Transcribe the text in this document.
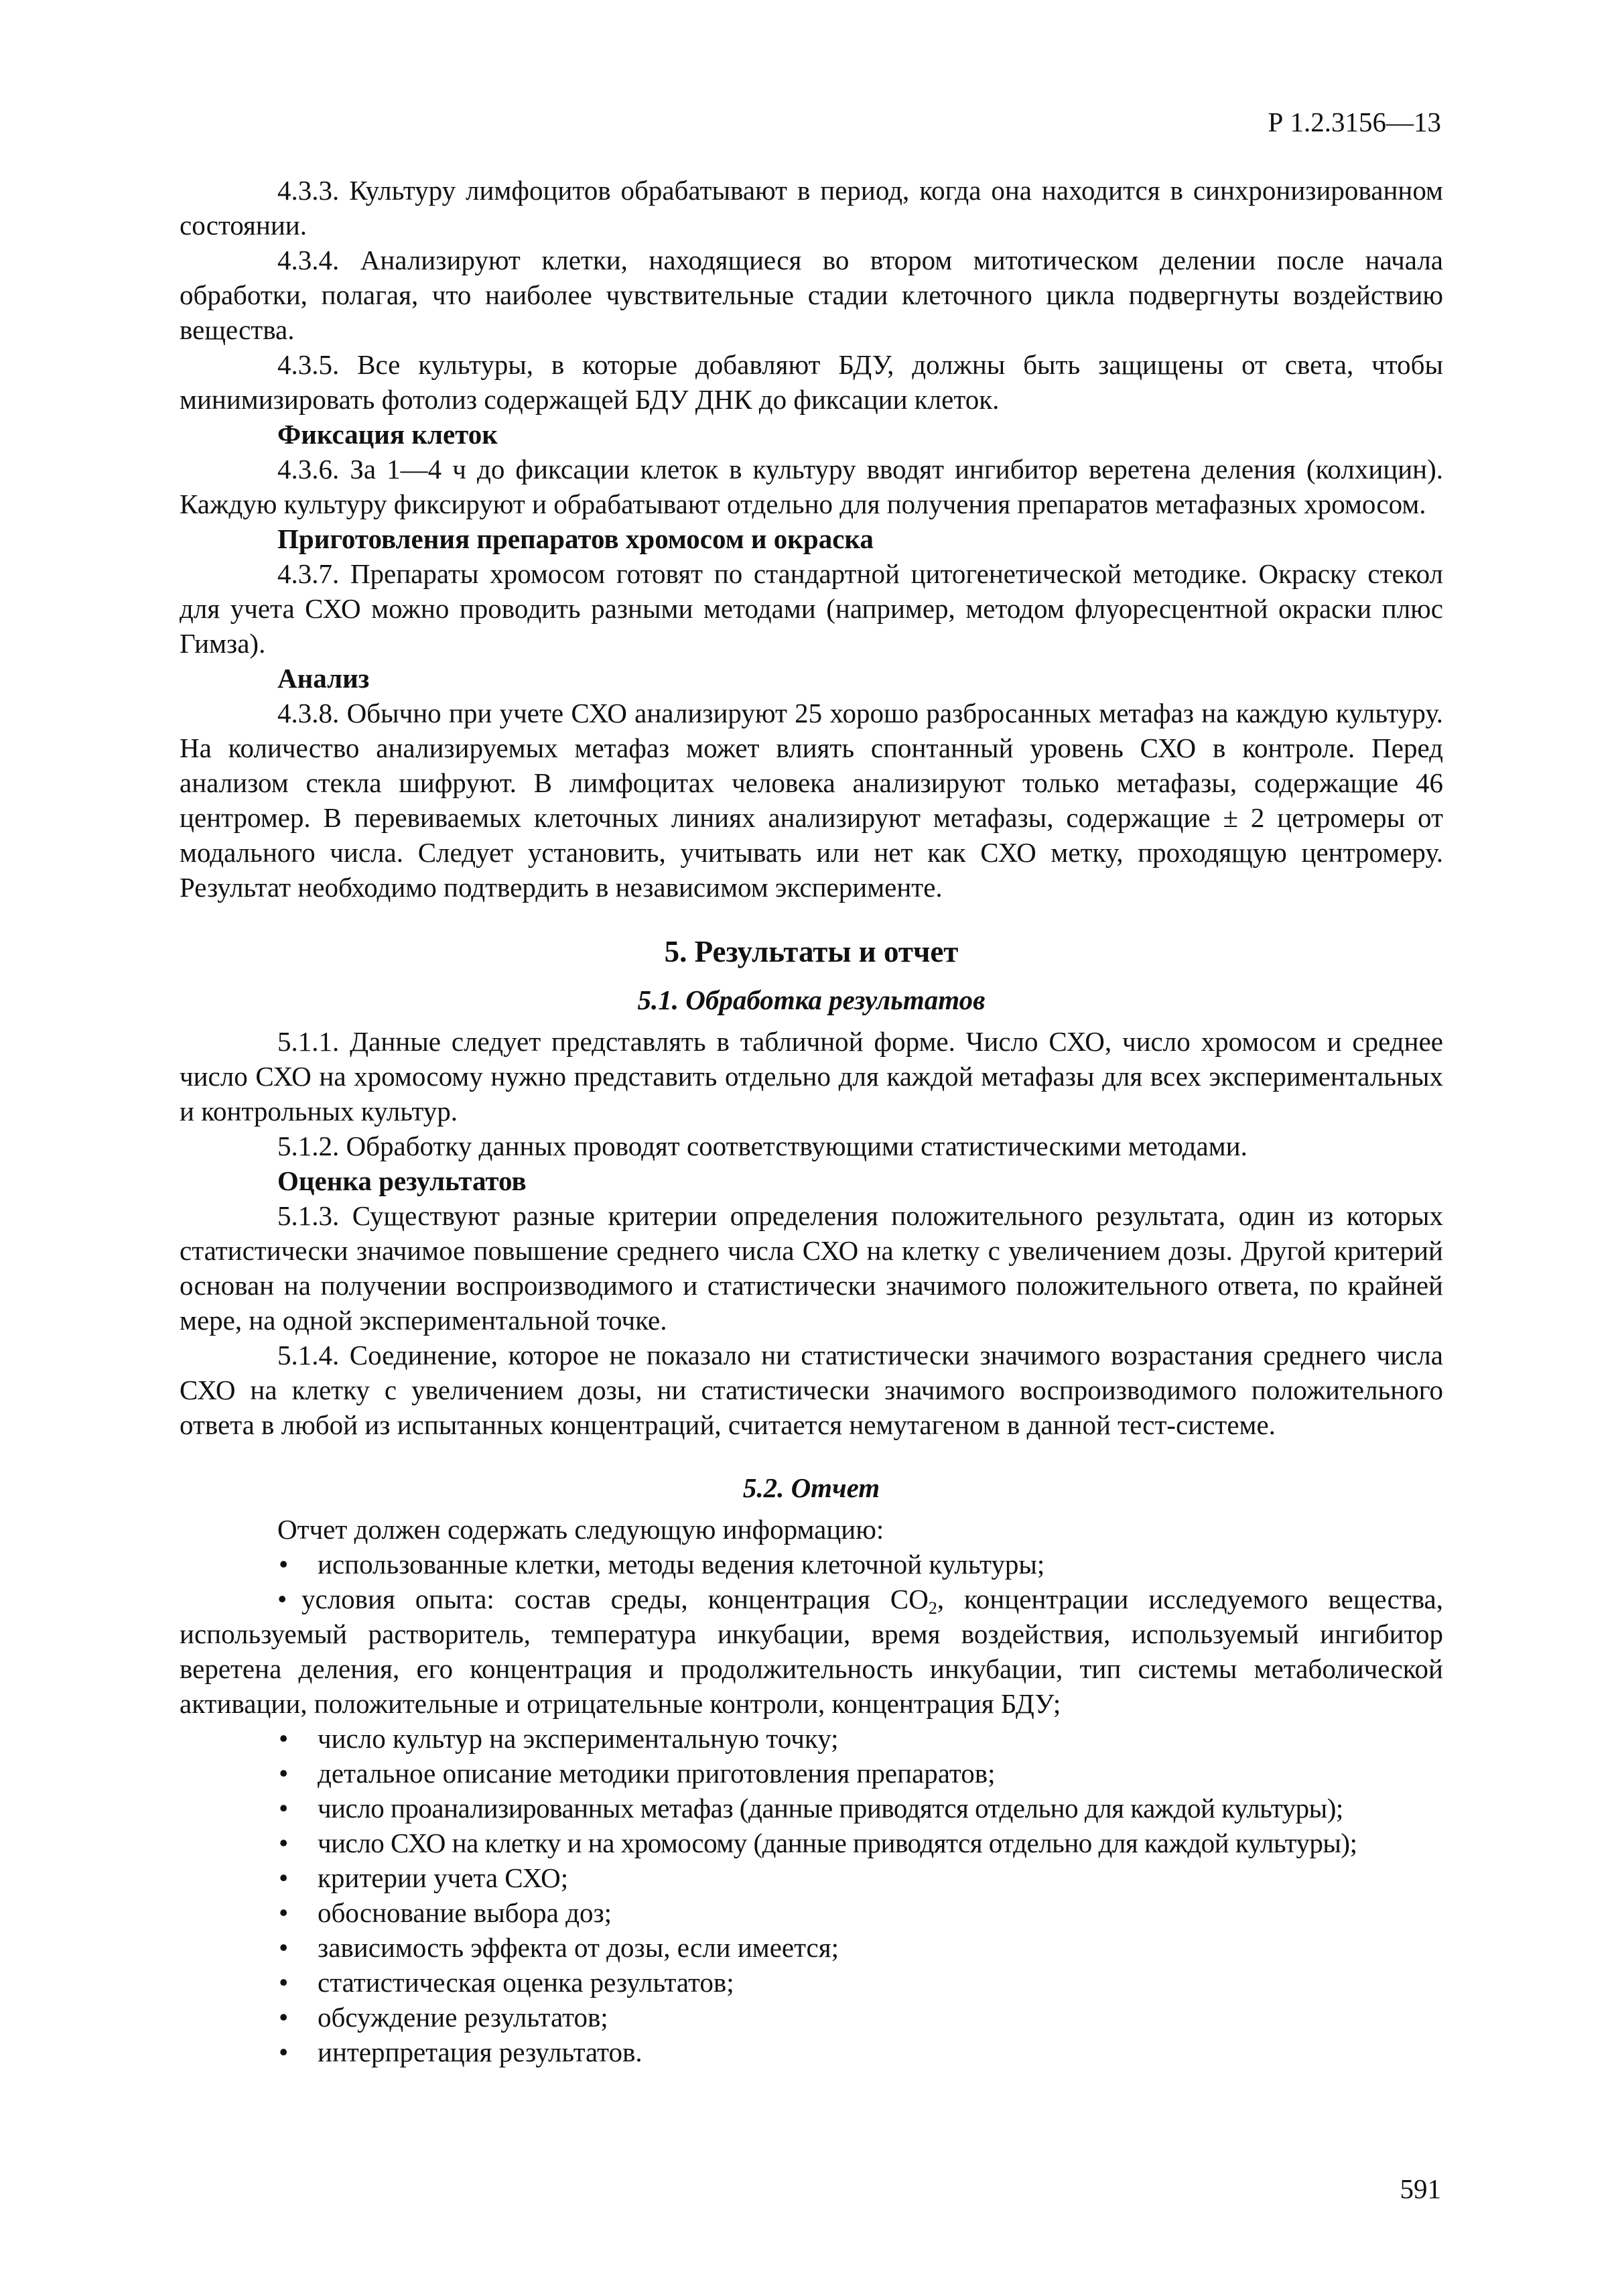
Р 1.2.3156—13

4.3.3. Культуру лимфоцитов обрабатывают в период, когда она находится в синхронизированном состоянии.

4.3.4. Анализируют клетки, находящиеся во втором митотическом делении после начала обработки, полагая, что наиболее чувствительные стадии клеточного цикла подвергнуты воздействию вещества.

4.3.5. Все культуры, в которые добавляют БДУ, должны быть защищены от света, чтобы минимизировать фотолиз содержащей БДУ ДНК до фиксации клеток.

Фиксация клеток

4.3.6. За 1—4 ч до фиксации клеток в культуру вводят ингибитор веретена деления (колхицин). Каждую культуру фиксируют и обрабатывают отдельно для получения препаратов метафазных хромосом.

Приготовления препаратов хромосом и окраска

4.3.7. Препараты хромосом готовят по стандартной цитогенетической методике. Окраску стекол для учета СХО можно проводить разными методами (например, методом флуоресцентной окраски плюс Гимза).

Анализ

4.3.8. Обычно при учете СХО анализируют 25 хорошо разбросанных метафаз на каждую культуру. На количество анализируемых метафаз может влиять спонтанный уровень СХО в контроле. Перед анализом стекла шифруют. В лимфоцитах человека анализируют только метафазы, содержащие 46 центромер. В перевиваемых клеточных линиях анализируют метафазы, содержащие ± 2 цетромеры от модального числа. Следует установить, учитывать или нет как СХО метку, проходящую центромеру. Результат необходимо подтвердить в независимом эксперименте.

5. Результаты и отчет
5.1. Обработка результатов

5.1.1. Данные следует представлять в табличной форме. Число СХО, число хромосом и среднее число СХО на хромосому нужно представить отдельно для каждой метафазы для всех экспериментальных и контрольных культур.

5.1.2. Обработку данных проводят соответствующими статистическими методами.

Оценка результатов

5.1.3. Существуют разные критерии определения положительного результата, один из которых статистически значимое повышение среднего числа СХО на клетку с увеличением дозы. Другой критерий основан на получении воспроизводимого и статистически значимого положительного ответа, по крайней мере, на одной экспериментальной точке.

5.1.4. Соединение, которое не показало ни статистически значимого возрастания среднего числа СХО на клетку с увеличением дозы, ни статистически значимого воспроизводимого положительного ответа в любой из испытанных концентраций, считается немутагеном в данной тест-системе.

5.2. Отчет

Отчет должен содержать следующую информацию:

• использованные клетки, методы ведения клеточной культуры;

• условия опыта: состав среды, концентрация $СО_2$, концентрации исследуемого вещества, используемый растворитель, температура инкубации, время воздействия, используемый ингибитор веретена деления, его концентрация и продолжительность инкубации, тип системы метаболической активации, положительные и отрицательные контроли, концентрация БДУ;

• число культур на экспериментальную точку;

• детальное описание методики приготовления препаратов;

• число проанализированных метафаз (данные приводятся отдельно для каждой культуры);

• число СХО на клетку и на хромосому (данные приводятся отдельно для каждой культуры);

• критерии учета СХО;

• обоснование выбора доз;

• зависимость эффекта от дозы, если имеется;

• статистическая оценка результатов;

• обсуждение результатов;

• интерпретация результатов.

591
